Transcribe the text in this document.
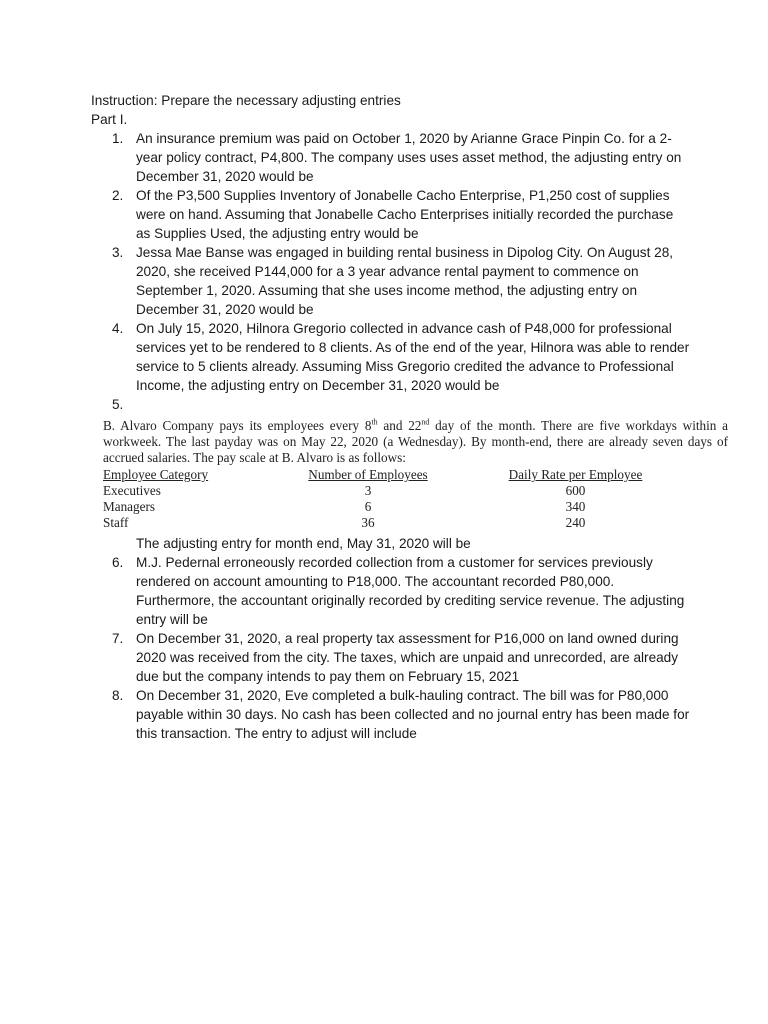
Instruction: Prepare the necessary adjusting entries

Part I.

1. An insurance premium was paid on October 1, 2020 by Arianne Grace Pinpin Co. for a 2-year policy contract, P4,800. The company uses uses asset method, the adjusting entry on December 31, 2020 would be
2. Of the P3,500 Supplies Inventory of Jonabelle Cacho Enterprise, P1,250 cost of supplies were on hand. Assuming that Jonabelle Cacho Enterprises initially recorded the purchase as Supplies Used, the adjusting entry would be
3. Jessa Mae Banse was engaged in building rental business in Dipolog City. On August 28, 2020, she received P144,000 for a 3 year advance rental payment to commence on September 1, 2020. Assuming that she uses income method, the adjusting entry on December 31, 2020 would be
4. On July 15, 2020, Hilnora Gregorio collected in advance cash of P48,000 for professional services yet to be rendered to 8 clients. As of the end of the year, Hilnora was able to render service to 5 clients already. Assuming Miss Gregorio credited the advance to Professional Income, the adjusting entry on December 31, 2020 would be
5.

B. Alvaro Company pays its employees every 8th and 22nd day of the month. There are five workdays within a workweek. The last payday was on May 22, 2020 (a Wednesday). By month-end, there are already seven days of accrued salaries. The pay scale at B. Alvaro is as follows:

Employee Category	Number of Employees	Daily Rate per Employee
Executives	3	600
Managers	6	340
Staff	36	240
The adjusting entry for month end, May 31, 2020 will be
6. M.J. Pedernal erroneously recorded collection from a customer for services previously rendered on account amounting to P18,000. The accountant recorded P80,000. Furthermore, the accountant originally recorded by crediting service revenue. The adjusting entry will be
7. On December 31, 2020, a real property tax assessment for P16,000 on land owned during 2020 was received from the city. The taxes, which are unpaid and unrecorded, are already due but the company intends to pay them on February 15, 2021
8. On December 31, 2020, Eve completed a bulk-hauling contract. The bill was for P80,000 payable within 30 days. No cash has been collected and no journal entry has been made for this transaction. The entry to adjust will include
